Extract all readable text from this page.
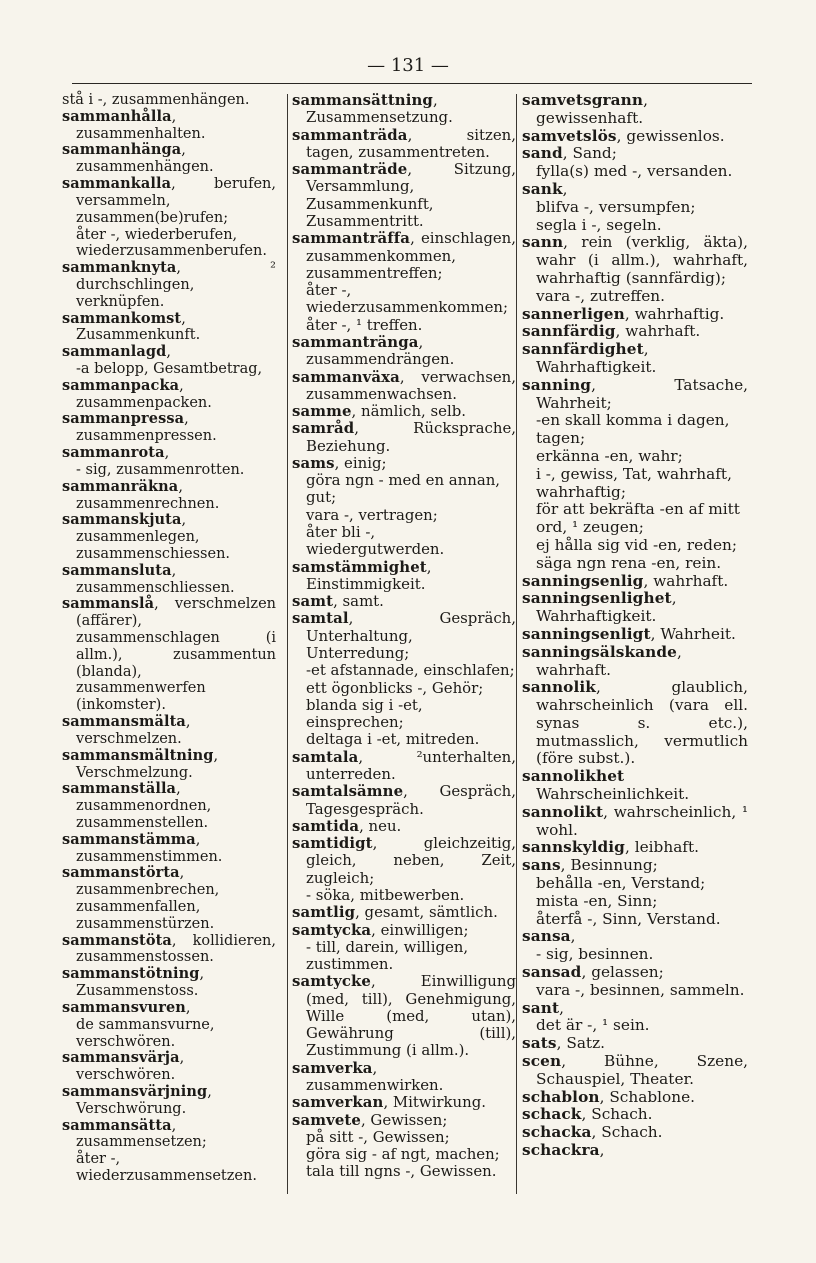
— 131 —

stå i -, zusammenhängen.

sammanhålla, zusammenhalten.

sammanhänga, zusammenhängen.

sammankalla, berufen, versammeln, zusammen(be)rufen;

åter -, wiederberufen, wiederzusammenberufen.

sammanknyta, ² durchschlingen, verknüpfen.

sammankomst, Zusammenkunft.

sammanlagd,

-a belopp, Gesamtbetrag,

sammanpacka, zusammenpacken.

sammanpressa, zusammenpressen.

sammanrota,

- sig, zusammenrotten.

sammanräkna, zusammenrechnen.

sammanskjuta, zusammenlegen, zusammenschiessen.

sammansluta, zusammenschliessen.

sammanslå, verschmelzen (affärer), zusammenschlagen (i allm.), zusammentun (blanda), zusammenwerfen (inkomster).

sammansmälta, verschmelzen.

sammansmältning, Verschmelzung.

sammanställa, zusammenordnen, zusammenstellen.

sammanstämma, zusammenstimmen.

sammanstörta, zusammenbrechen, zusammenfallen, zusammenstürzen.

sammanstöta, kollidieren, zusammenstossen.

sammanstötning, Zusammenstoss.

sammansvuren,

de sammansvurne, verschwören.

sammansvärja, verschwören.

sammansvärjning, Verschwörung.

sammansätta, zusammensetzen;

åter -, wiederzusammensetzen.

sammansättning, Zusammensetzung.

sammanträda, sitzen, tagen, zusammentreten.

sammanträde, Sitzung, Versammlung, Zusammenkunft, Zusammentritt.

sammanträffa, einschlagen, zusammenkommen, zusammentreffen;

åter -, wiederzusammenkommen;

åter -, ¹ treffen.

sammantränga, zusammendrängen.

sammanväxa, verwachsen, zusammenwachsen.

samme, nämlich, selb.

samråd, Rücksprache, Beziehung.

sams, einig;

göra ngn - med en annan, gut;

vara -, vertragen;

åter bli -, wiedergutwerden.

samstämmighet, Einstimmigkeit.

samt, samt.

samtal, Gespräch, Unterhaltung, Unterredung;

-et afstannade, einschlafen;

ett ögonblicks -, Gehör;

blanda sig i -et, einsprechen;

deltaga i -et, mitreden.

samtala, ²unterhalten, unterreden.

samtalsämne, Gespräch, Tagesgespräch.

samtida, neu.

samtidigt, gleichzeitig, gleich, neben, Zeit, zugleich;

- söka, mitbewerben.

samtlig, gesamt, sämtlich.

samtycka, einwilligen;

- till, darein, willigen, zustimmen.

samtycke, Einwilligung (med, till), Genehmigung, Wille (med, utan), Gewährung (till), Zustimmung (i allm.).

samverka, zusammenwirken.

samverkan, Mitwirkung.

samvete, Gewissen;

på sitt -, Gewissen;

göra sig - af ngt, machen;

tala till ngns -, Gewissen.

samvetsgrann, gewissenhaft.

samvetslös, gewissenlos.

sand, Sand;

fylla(s) med -, versanden.

sank,

blifva -, versumpfen;

segla i -, segeln.

sann, rein (verklig, äkta), wahr (i allm.), wahrhaft, wahrhaftig (sannfärdig);

vara -, zutreffen.

sannerligen, wahrhaftig.

sannfärdig, wahrhaft.

sannfärdighet, Wahrhaftigkeit.

sanning, Tatsache, Wahrheit;

-en skall komma i dagen, tagen;

erkänna -en, wahr;

i -, gewiss, Tat, wahrhaft, wahrhaftig;

för att bekräfta -en af mitt ord, ¹ zeugen;

ej hålla sig vid -en, reden;

säga ngn rena -en, rein.

sanningsenlig, wahrhaft.

sanningsenlighet, Wahrhaftigkeit.

sanningsenligt, Wahrheit.

sanningsälskande, wahrhaft.

sannolik, glaublich, wahrscheinlich (vara ell. synas s. etc.), mutmasslich, vermutlich (före subst.).

sannolikhet Wahrscheinlichkeit.

sannolikt, wahrscheinlich, ¹ wohl.

sannskyldig, leibhaft.

sans, Besinnung;

behålla -en, Verstand;

mista -en, Sinn;

återfå -, Sinn, Verstand.

sansa,

- sig, besinnen.

sansad, gelassen;

vara -, besinnen, sammeln.

sant,

det är -, ¹ sein.

sats, Satz.

scen, Bühne, Szene, Schauspiel, Theater.

schablon, Schablone.

schack, Schach.

schacka, Schach.

schackra,
